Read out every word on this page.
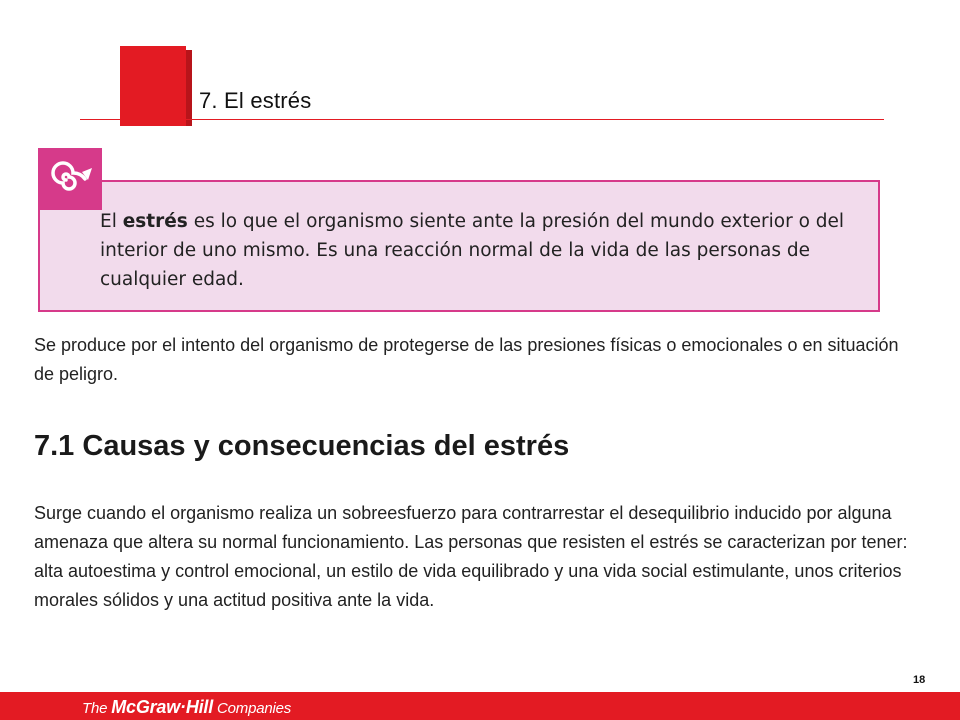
7. El estrés
El estrés es lo que el organismo siente ante la presión del mundo exterior o del interior de uno mismo. Es una reacción normal de la vida de las personas de cualquier edad.
Se produce por el intento del organismo de protegerse de las presiones físicas o emocionales o en situación de peligro.
7.1 Causas y consecuencias del estrés
Surge cuando el organismo realiza un sobreesfuerzo para contrarrestar el desequilibrio inducido por alguna amenaza que altera su normal funcionamiento. Las personas que resisten el estrés se caracterizan por tener: alta autoestima y control emocional, un estilo de vida equilibrado y una vida social estimulante, unos criterios morales sólidos y una actitud positiva ante la vida.
18
The McGraw·Hill Companies
